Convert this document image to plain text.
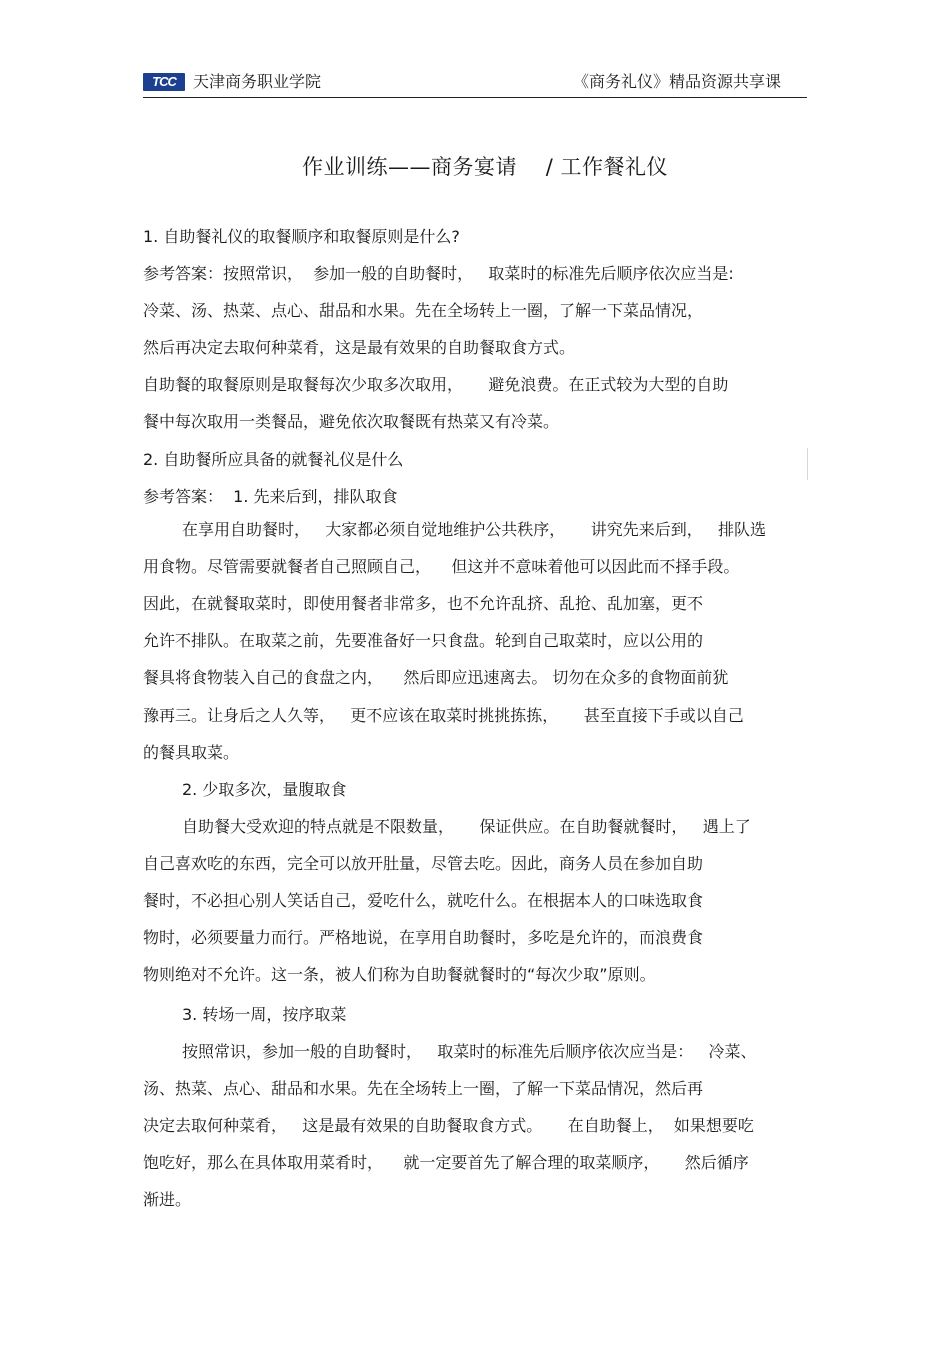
TCC	天津商务职业学院	《商务礼仪》精品资源共享课
作业训练——商务宴请    / 工作餐礼仪
1. 自助餐礼仪的取餐顺序和取餐原则是什么?
参考答案：按照常识，  参加一般的自助餐时，   取菜时的标准先后顺序依次应当是:
冷菜、汤、热菜、点心、甜品和水果。先在全场转上一圈，了解一下菜品情况，
然后再决定去取何种菜肴，这是最有效果的自助餐取食方式。
自助餐的取餐原则是取餐每次少取多次取用，     避免浪费。在正式较为大型的自助
餐中每次取用一类餐品，避免依次取餐既有热菜又有冷菜。
2. 自助餐所应具备的就餐礼仪是什么
参考答案：  1. 先来后到，排队取食
在享用自助餐时，   大家都必须自觉地维护公共秩序，     讲究先来后到，   排队选
用食物。尽管需要就餐者自己照顾自己，    但这并不意味着他可以因此而不择手段。
因此，在就餐取菜时，即使用餐者非常多，也不允许乱挤、乱抢、乱加塞，更不
允许不排队。在取菜之前，先要准备好一只食盘。轮到自己取菜时，应以公用的
餐具将食物装入自己的食盘之内，    然后即应迅速离去。 切勿在众多的食物面前犹
豫再三。让身后之人久等，   更不应该在取菜时挑挑拣拣，     甚至直接下手或以自己
的餐具取菜。
2. 少取多次，量腹取食
自助餐大受欢迎的特点就是不限数量，     保证供应。在自助餐就餐时，   遇上了
自己喜欢吃的东西，完全可以放开肚量，尽管去吃。因此，商务人员在参加自助
餐时，不必担心别人笑话自己，爱吃什么，就吃什么。在根据本人的口味选取食
物时，必须要量力而行。严格地说，在享用自助餐时，多吃是允许的，而浪费食
物则绝对不允许。这一条，被人们称为自助餐就餐时的“每次少取”原则。
3. 转场一周，按序取菜
按照常识，参加一般的自助餐时，   取菜时的标准先后顺序依次应当是：   冷菜、
汤、热菜、点心、甜品和水果。先在全场转上一圈，了解一下菜品情况，然后再
决定去取何种菜肴，   这是最有效果的自助餐取食方式。     在自助餐上，  如果想要吃
饱吃好，那么在具体取用菜肴时，    就一定要首先了解合理的取菜顺序，     然后循序
渐进。
